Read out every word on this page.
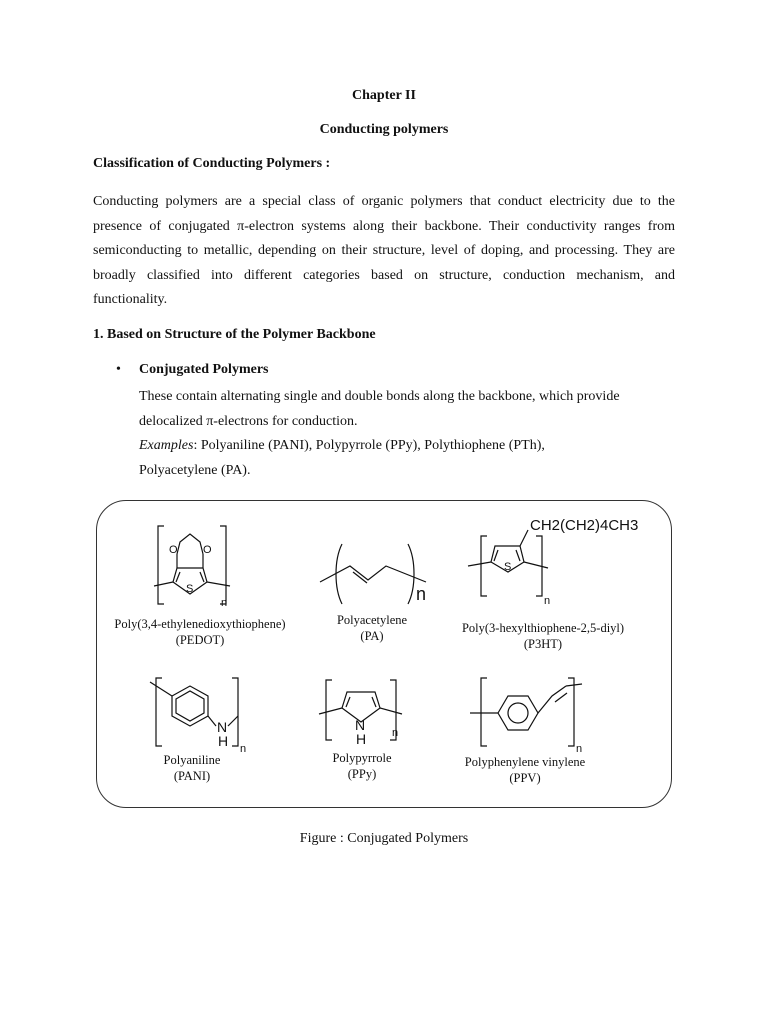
Chapter II
Conducting polymers
Classification of Conducting Polymers :

Conducting polymers are a special class of organic polymers that conduct electricity due to the presence of conjugated π-electron systems along their backbone. Their conductivity ranges from semiconducting to metallic, depending on their structure, level of doping, and processing. They are broadly classified into different categories based on structure, conduction mechanism, and functionality.

1. Based on Structure of the Polymer Backbone
• Conjugated Polymers
These contain alternating single and double bonds along the backbone, which provide
delocalized π-electrons for conduction.
Examples: Polyaniline (PANI), Polypyrrole (PPy), Polythiophene (PTh),
Polyacetylene (PA).
O O
S
n	n
CH2(CH2)4CH3
S
n
N
H n
N
H n
n
Poly(3,4-ethylenedioxythiophene)
(PEDOT)
Polyacetylene
(PA)
Poly(3-hexylthiophene-2,5-diyl)
(P3HT)
Polyaniline
(PANI)
Polypyrrole
(PPy)
Polyphenylene vinylene
(PPV)
Figure : Conjugated Polymers
